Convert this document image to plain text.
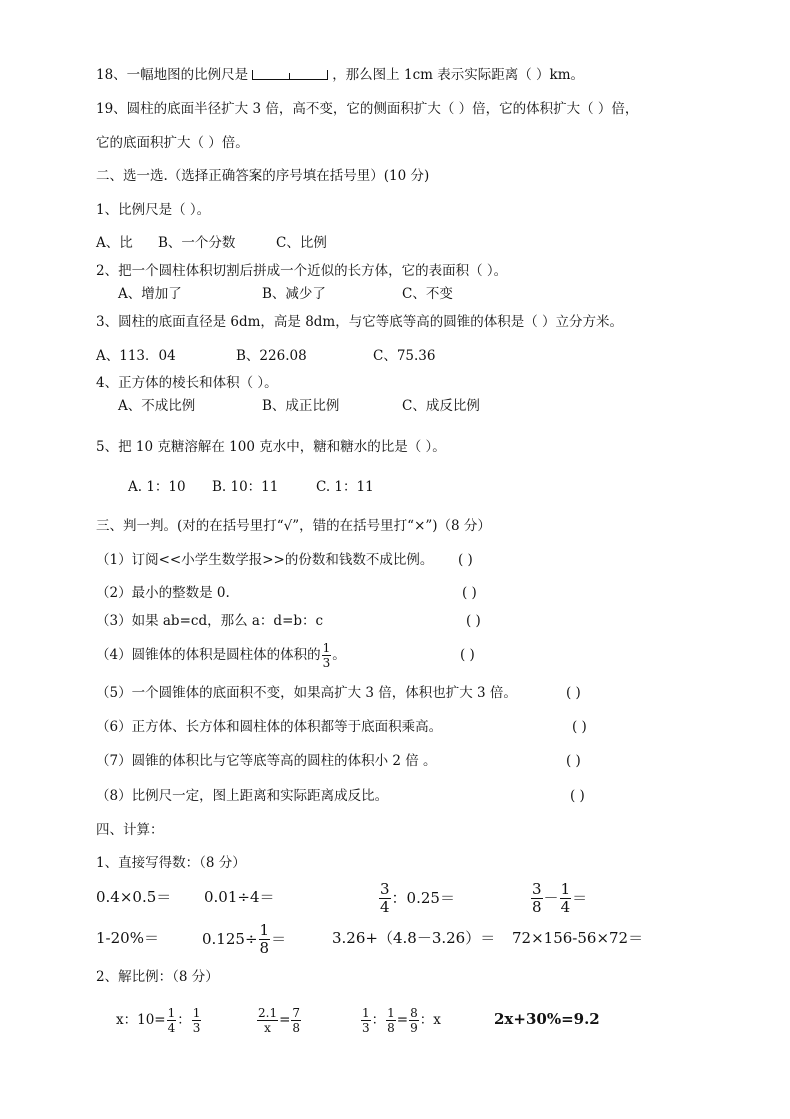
18、一幅地图的比例尺是	，那么图上 1cm 表示实际距离（ ）km。
19、圆柱的底面半径扩大 3 倍，高不变，它的侧面积扩大（ ）倍，它的体积扩大（ ）倍，
它的底面积扩大（ ）倍。
二、选一选.（选择正确答案的序号填在括号里）(10 分)
1、比例尺是（ ）。
A、比 B、一个分数	C、比例
2、把一个圆柱体积切割后拼成一个近似的长方体，它的表面积（ ）。
A、增加了	B、减少了	C、不变
3、圆柱的底面直径是 6dm，高是 8dm，与它等底等高的圆锥的体积是（ ）立分方米。
A、113．04	B、226.08	C、75.36
4、正方体的棱长和体积（ ）。
A、不成比例	B、成正比例	C、成反比例
5、把 10 克糖溶解在 100 克水中，糖和糖水的比是（ ）。
A. 1：10 B. 10：11	C. 1：11
三、判一判。(对的在括号里打“√”，错的在括号里打“×”)（8 分）
（1）订阅<<小学生数学报>>的份数和钱数不成比例。 ( )
（2）最小的整数是 0.	( )
（3）如果 ab=cd，那么 a：d=b：c	( )
（4）圆锥体的体积是圆柱体的体积的 $\frac{1}{3}$ 。	( )
（5）一个圆锥体的底面积不变，如果高扩大 3 倍，体积也扩大 3 倍。	( )
（6）正方体、长方体和圆柱体的体积都等于底面积乘高。	( )
（7）圆锥的体积比与它等底等高的圆柱的体积小 2 倍 。	( )
（8）比例尺一定，图上距离和实际距离成反比。	( )
四、计算：
1、直接写得数：（8 分）
0.4×0.5＝ 0.01÷4＝	$\frac{3}{4}$ ：0.25＝	$\frac{3}{8} - \frac{1}{4}$ ＝
1-20%＝	$0.125\div \frac{1}{8}$ ＝	3.26+（4.8－3.26）＝ 72×156-56×72＝
2、解比例：（8 分）
x：$10= \frac{1}{4}$ ： $\frac{1}{3}$	$\frac{2.1}{x} = \frac{7}{8}$	$\frac{1}{3}$ ： $\frac{1}{8} = \frac{8}{9}$ ：x	2x+30%=9.2
